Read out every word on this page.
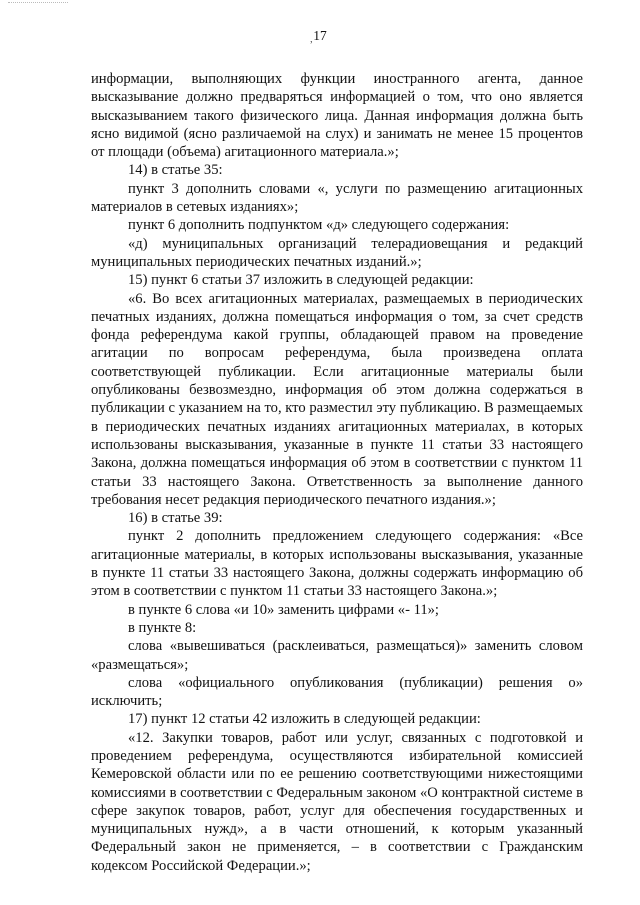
, 17

информации, выполняющих функции иностранного агента, данное высказывание должно предваряться информацией о том, что оно является высказыванием такого физического лица. Данная информация должна быть ясно видимой (ясно различаемой на слух) и занимать не менее 15 процентов от площади (объема) агитационного материала.»;

14) в статье 35:

пункт 3 дополнить словами «, услуги по размещению агитационных материалов в сетевых изданиях»;

пункт 6 дополнить подпунктом «д» следующего содержания:

«д) муниципальных организаций телерадиовещания и редакций муниципальных периодических печатных изданий.»;

15) пункт 6 статьи 37 изложить в следующей редакции:

«6. Во всех агитационных материалах, размещаемых в периодических печатных изданиях, должна помещаться информация о том, за счет средств фонда референдума какой группы, обладающей правом на проведение агитации по вопросам референдума, была произведена оплата соответствующей публикации. Если агитационные материалы были опубликованы безвозмездно, информация об этом должна содержаться в публикации с указанием на то, кто разместил эту публикацию. В размещаемых в периодических печатных изданиях агитационных материалах, в которых использованы высказывания, указанные в пункте 11 статьи 33 настоящего Закона, должна помещаться информация об этом в соответствии с пунктом 11 статьи 33 настоящего Закона. Ответственность за выполнение данного требования несет редакция периодического печатного издания.»;

16) в статье 39:

пункт 2 дополнить предложением следующего содержания: «Все агитационные материалы, в которых использованы высказывания, указанные в пункте 11 статьи 33 настоящего Закона, должны содержать информацию об этом в соответствии с пунктом 11 статьи 33 настоящего Закона.»;

в пункте 6 слова «и 10» заменить цифрами «- 11»;

в пункте 8:

слова «вывешиваться (расклеиваться, размещаться)» заменить словом «размещаться»;

слова «официального опубликования (публикации) решения о» исключить;

17) пункт 12 статьи 42 изложить в следующей редакции:

«12. Закупки товаров, работ или услуг, связанных с подготовкой и проведением референдума, осуществляются избирательной комиссией Кемеровской области или по ее решению соответствующими нижестоящими комиссиями в соответствии с Федеральным законом «О контрактной системе в сфере закупок товаров, работ, услуг для обеспечения государственных и муниципальных нужд», а в части отношений, к которым указанный Федеральный закон не применяется, – в соответствии с Гражданским кодексом Российской Федерации.»;
